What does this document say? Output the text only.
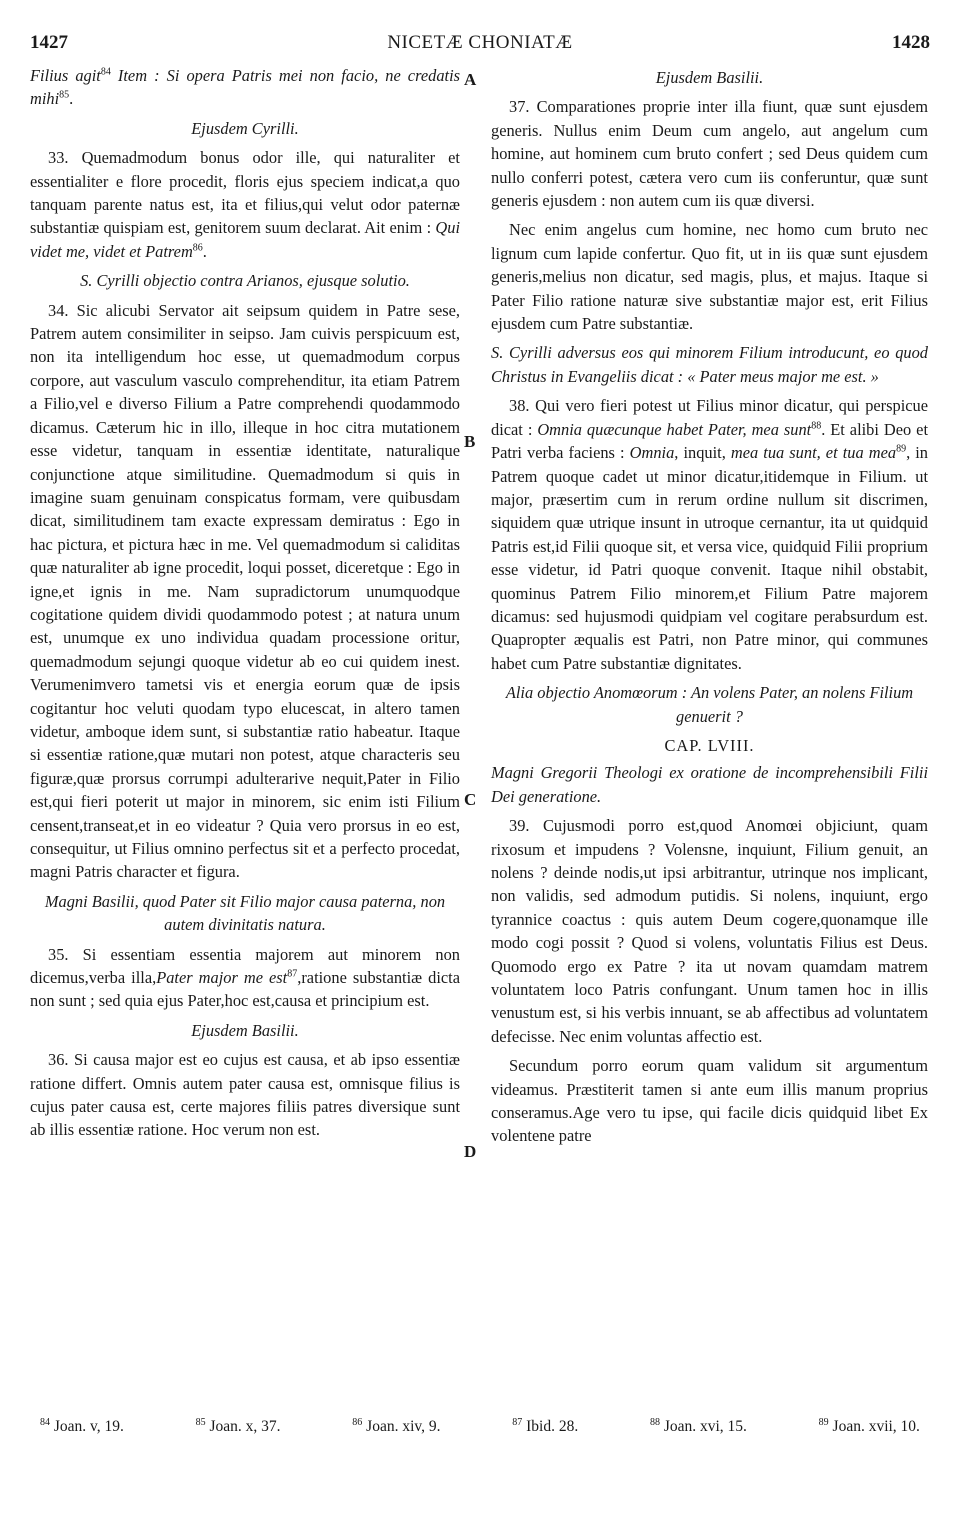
1427	NICETÆ CHONIATÆ	1428

Filius agit$^{84}$ Item : Si opera Patris mei non facio, ne credatis mihi$^{85}$.

Ejusdem Cyrilli.

33. Quemadmodum bonus odor ille, qui naturaliter et essentialiter e flore procedit, floris ejus speciem indicat,a quo tanquam parente natus est, ita et filius,qui velut odor paternæ substantiæ quispiam est, genitorem suum declarat. Ait enim : Qui videt me, videt et Patrem$^{86}$.

S. Cyrilli objectio contra Arianos, ejusque solutio.

34. Sic alicubi Servator ait seipsum quidem in Patre sese, Patrem autem consimiliter in seipso. Jam cuivis perspicuum est, non ita intelligendum hoc esse, ut quemadmodum corpus corpore, aut vasculum vasculo comprehenditur, ita etiam Patrem a Filio,vel e diverso Filium a Patre comprehendi quodammodo dicamus. Cæterum hic in illo, illeque in hoc citra mutationem esse videtur, tanquam in essentiæ identitate, naturalique conjunctione atque similitudine. Quemadmodum si quis in imagine suam genuinam conspicatus formam, vere quibusdam dicat, similitudinem tam exacte expressam demiratus : Ego in hac pictura, et pictura hæc in me. Vel quemadmodum si caliditas quæ naturaliter ab igne procedit, loqui posset, diceretque : Ego in igne,et ignis in me. Nam supradictorum unumquodque cogitatione quidem dividi quodammodo potest ; at natura unum est, unumque ex uno individua quadam processione oritur, quemadmodum sejungi quoque videtur ab eo cui quidem inest. Verumenimvero tametsi vis et energia eorum quæ de ipsis cogitantur hoc veluti quodam typo elucescat, in altero tamen videtur, amboque idem sunt, si substantiæ ratio habeatur. Itaque si essentiæ ratione,quæ mutari non potest, atque characteris seu figuræ,quæ prorsus corrumpi adulterarive nequit,Pater in Filio est,qui fieri poterit ut major in minorem, sic enim isti Filium censent,transeat,et in eo videatur ? Quia vero prorsus in eo est, consequitur, ut Filius omnino perfectus sit et a perfecto procedat, magni Patris character et figura.

Magni Basilii, quod Pater sit Filio major causa paterna, non autem divinitatis natura.

35. Si essentiam essentia majorem aut minorem non dicemus,verba illa,Pater major me est$^{87}$,ratione substantiæ dicta non sunt ; sed quia ejus Pater,hoc est,causa et principium est.

Ejusdem Basilii.

36. Si causa major est eo cujus est causa, et ab ipso essentiæ ratione differt. Omnis autem pater causa est, omnisque filius is cujus pater causa est, certe majores filiis patres diversique sunt ab illis essentiæ ratione. Hoc verum non est.

A
B
C
D
Ejusdem Basilii.

37. Comparationes proprie inter illa fiunt, quæ sunt ejusdem generis. Nullus enim Deum cum angelo, aut angelum cum homine, aut hominem cum bruto confert ; sed Deus quidem cum nullo conferri potest, cætera vero cum iis conferuntur, quæ sunt generis ejusdem : non autem cum iis quæ diversi.

Nec enim angelus cum homine, nec homo cum bruto nec lignum cum lapide confertur. Quo fit, ut in iis quæ sunt ejusdem generis,melius non dicatur, sed magis, plus, et majus. Itaque si Pater Filio ratione naturæ sive substantiæ major est, erit Filius ejusdem cum Patre substantiæ.

S. Cyrilli adversus eos qui minorem Filium introducunt, eo quod Christus in Evangeliis dicat : « Pater meus major me est. »

38. Qui vero fieri potest ut Filius minor dicatur, qui perspicue dicat : Omnia quæcunque habet Pater, mea sunt$^{88}$. Et alibi Deo et Patri verba faciens : Omnia, inquit, mea tua sunt, et tua mea$^{89}$, in Patrem quoque cadet ut minor dicatur,itidemque in Filium. ut major, præsertim cum in rerum ordine nullum sit discrimen, siquidem quæ utrique insunt in utroque cernantur, ita ut quidquid Patris est,id Filii quoque sit, et versa vice, quidquid Filii proprium esse videtur, id Patri quoque convenit. Itaque nihil obstabit, quominus Patrem Filio minorem,et Filium Patre majorem dicamus: sed hujusmodi quidpiam vel cogitare perabsurdum est. Quapropter æqualis est Patri, non Patre minor, qui communes habet cum Patre substantiæ dignitates.

Alia objectio Anomœorum : An volens Pater, an nolens Filium genuerit ?
CAP. LVIII.
Magni Gregorii Theologi ex oratione de incomprehensibili Filii Dei generatione.

39. Cujusmodi porro est,quod Anomœi objiciunt, quam rixosum et impudens ? Volensne, inquiunt, Filium genuit, an nolens ? deinde nodis,ut ipsi arbitrantur, utrinque nos implicant, non validis, sed admodum putidis. Si nolens, inquiunt, ergo tyrannice coactus : quis autem Deum cogere,quonamque ille modo cogi possit ? Quod si volens, voluntatis Filius est Deus. Quomodo ergo ex Patre ? ita ut novam quamdam matrem voluntatem loco Patris confungant. Unum tamen hoc in illis venustum est, si his verbis innuant, se ab affectibus ad voluntatem defecisse. Nec enim voluntas affectio est.

Secundum porro eorum quam validum sit argumentum videamus. Præstiterit tamen si ante eum illis manum proprius conseramus.Age vero tu ipse, qui facile dicis quidquid libet Ex volentene patre

$^{84}$ Joan. v, 19.	$^{85}$ Joan. x, 37.	$^{86}$ Joan. xiv, 9.	$^{87}$ Ibid. 28.	$^{88}$ Joan. xvi, 15.	$^{89}$ Joan. xvii, 10.
